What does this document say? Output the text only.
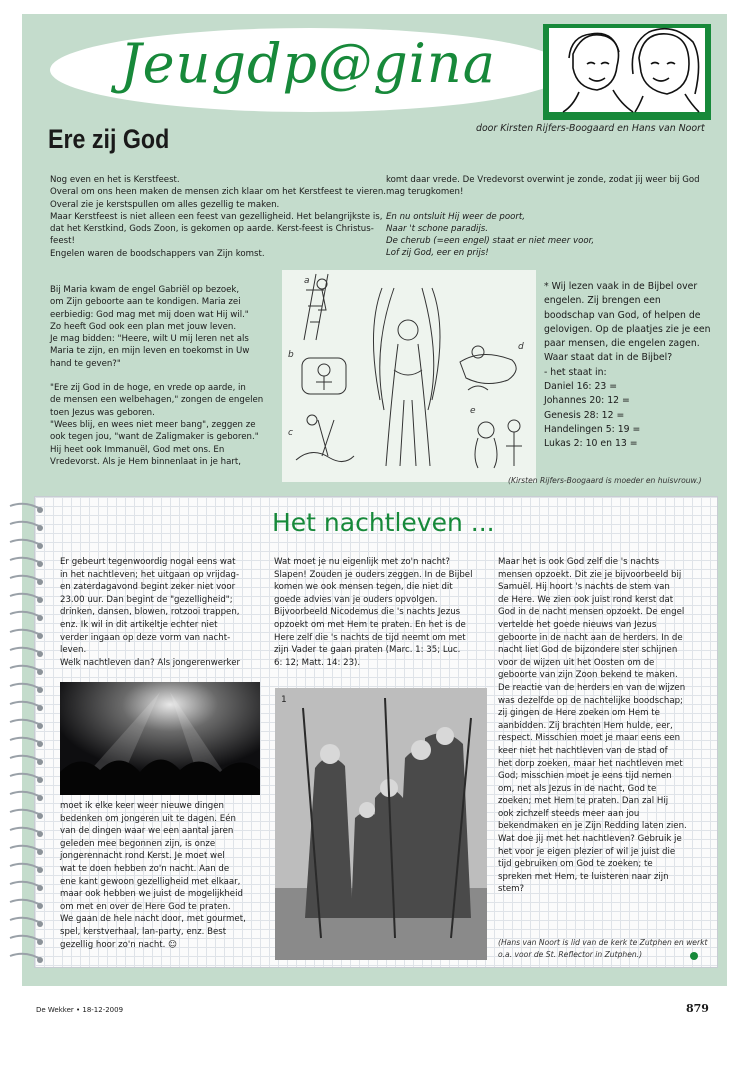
Jeugdp@gina
Ere zij God	door Kirsten Rijfers-Boogaard en Hans van Noort

Nog even en het is Kerstfeest.
Overal om ons heen maken de mensen zich klaar om het Kerstfeest te vieren. Overal zie je kerstspullen om alles gezellig te maken.
Maar Kerstfeest is niet alleen een feest van gezelligheid. Het belangrijkste is, dat het Kerstkind, Gods Zoon, is gekomen op aarde. Kerst-feest is Christus-feest!
Engelen waren de boodschappers van Zijn komst.

komt daar vrede. De Vredevorst overwint je zonde, zodat jij weer bij God mag terugkomen!

En nu ontsluit Hij weer de poort,
Naar 't schone paradijs.
De cherub (=een engel) staat er niet meer voor,
Lof zij God, eer en prijs!

Bij Maria kwam de engel Gabriël op bezoek,
om Zijn geboorte aan te kondigen. Maria zei
eerbiedig: God mag met mij doen wat Hij wil."
Zo heeft God ook een plan met jouw leven.
Je mag bidden: "Heere, wilt U mij leren net als
Maria te zijn, en mijn leven en toekomst in Uw
hand te geven?"

"Ere zij God in de hoge, en vrede op aarde, in
de mensen een welbehagen," zongen de engelen
toen Jezus was geboren.
"Wees blij, en wees niet meer bang", zeggen ze
ook tegen jou, "want de Zaligmaker is geboren."
Hij heet ook Immanuël, God met ons. En
Vredevorst. Als je Hem binnenlaat in je hart,

a
b
c
d
e

* Wij lezen vaak in de Bijbel over engelen. Zij brengen een boodschap van God, of helpen de gelovigen. Op de plaatjes zie je een paar mensen, die engelen zagen. Waar staat dat in de Bijbel?
- het staat in:

Daniel 16: 23 =

Johannes 20: 12 =

Genesis 28: 12 =

Handelingen 5: 19 =

Lukas 2: 10 en 13 =

(Kirsten Rijfers-Boogaard is moeder en huisvrouw.)
Het nachtleven ...

Er gebeurt tegenwoordig nogal eens wat
in het nachtleven; het uitgaan op vrijdag-
en zaterdagavond begint zeker niet voor
23.00 uur. Dan begint de "gezelligheid";
drinken, dansen, blowen, rotzooi trappen,
enz. Ik wil in dit artikeltje echter niet
verder ingaan op deze vorm van nacht-
leven.
Welk nachtleven dan? Als jongerenwerker

moet ik elke keer weer nieuwe dingen
bedenken om jongeren uit te dagen. Eén
van de dingen waar we een aantal jaren
geleden mee begonnen zijn, is onze
jongerennacht rond Kerst. Je moet wel
wat te doen hebben zo'n nacht. Aan de
ene kant gewoon gezelligheid met elkaar,
maar ook hebben we juist de mogelijkheid
om met en over de Here God te praten.
We gaan de hele nacht door, met gourmet,
spel, kerstverhaal, lan-party, enz. Best
gezellig hoor zo'n nacht. ☺

Wat moet je nu eigenlijk met zo'n nacht?
Slapen! Zouden je ouders zeggen. In de Bijbel
komen we ook mensen tegen, die niet dit
goede advies van je ouders opvolgen.
Bijvoorbeeld Nicodemus die 's nachts Jezus
opzoekt om met Hem te praten. En het is de
Here zelf die 's nachts de tijd neemt om met
zijn Vader te gaan praten (Marc. 1: 35; Luc.
6: 12; Matt. 14: 23).

1

Maar het is ook God zelf die 's nachts
mensen opzoekt. Dit zie je bijvoorbeeld bij
Samuël. Hij hoort 's nachts de stem van
de Here. We zien ook juist rond kerst dat
God in de nacht mensen opzoekt. De engel
vertelde het goede nieuws van Jezus
geboorte in de nacht aan de herders. In de
nacht liet God de bijzondere ster schijnen
voor de wijzen uit het Oosten om de
geboorte van zijn Zoon bekend te maken.
De reactie van de herders en van de wijzen
was dezelfde op de nachtelijke boodschap;
zij gingen de Here zoeken om Hem te
aanbidden. Zij brachten Hem hulde, eer,
respect. Misschien moet je maar eens een
keer niet het nachtleven van de stad of
het dorp zoeken, maar het nachtleven met
God; misschien moet je eens tijd nemen
om, net als Jezus in de nacht, God te
zoeken; met Hem te praten. Dan zal Hij
ook zichzelf steeds meer aan jou
bekendmaken en je Zijn Redding laten zien.
Wat doe jij met het nachtleven? Gebruik je
het voor je eigen plezier of wil je juist die
tijd gebruiken om God te zoeken; te
spreken met Hem, te luisteren naar zijn
stem?

(Hans van Noort is lid van de kerk te Zutphen en werkt o.a. voor de St. Reflector in Zutphen.)
De Wekker • 18-12-2009	879
